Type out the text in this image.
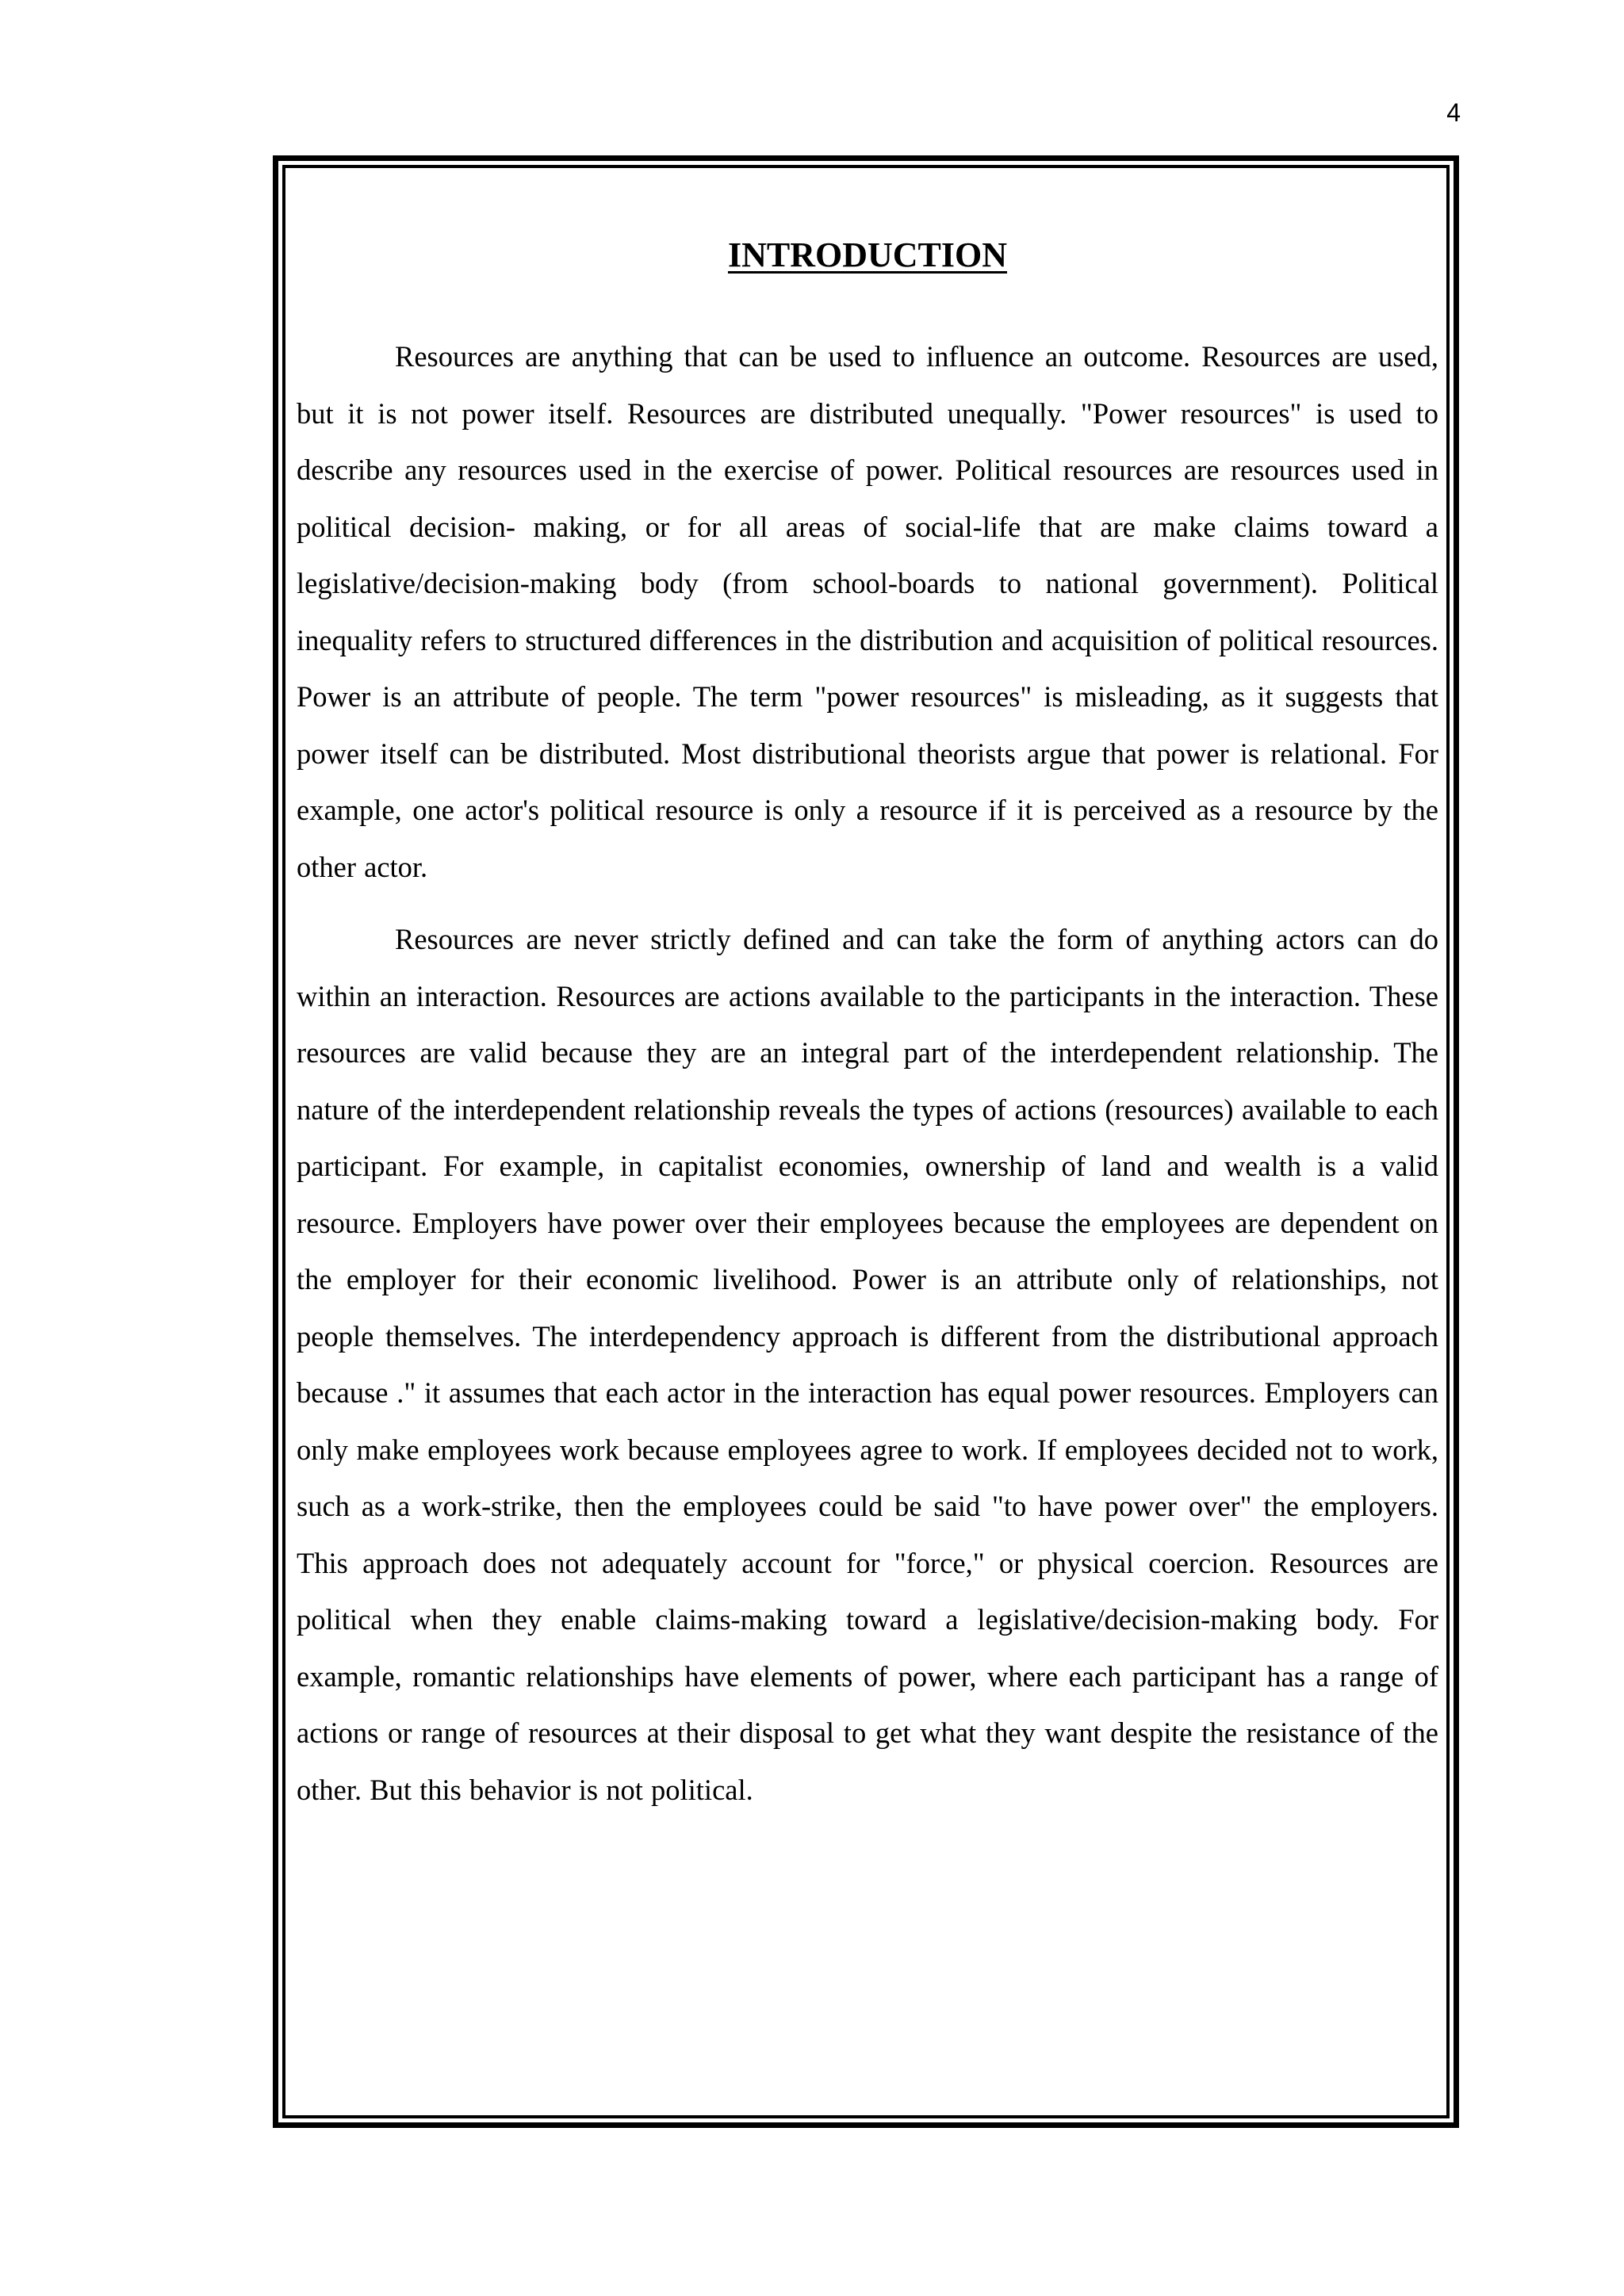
4
INTRODUCTION

Resources are anything that can be used to influence an outcome. Resources are used, but it is not power itself. Resources are distributed unequally. "Power resources" is used to describe any resources used in the exercise of power. Political resources are resources used in political decision- making, or for all areas of social-life that are make claims toward a legislative/decision-making body (from school-boards to national government). Political inequality refers to structured differences in the distribution and acquisition of political resources. Power is an attribute of people. The term "power resources" is misleading, as it suggests that power itself can be distributed. Most distributional theorists argue that power is relational. For example, one actor's political resource is only a resource if it is perceived as a resource by the other actor.

Resources are never strictly defined and can take the form of anything actors can do within an interaction. Resources are actions available to the participants in the interaction. These resources are valid because they are an integral part of the interdependent relationship. The nature of the interdependent relationship reveals the types of actions (resources) available to each participant. For example, in capitalist economies, ownership of land and wealth is a valid resource. Employers have power over their employees because the employees are dependent on the employer for their economic livelihood. Power is an attribute only of relationships, not people themselves. The interdependency approach is different from the distributional approach because ." it assumes that each actor in the interaction has equal power resources. Employers can only make employees work because employees agree to work. If employees decided not to work, such as a work-strike, then the employees could be said "to have power over" the employers. This approach does not adequately account for "force," or physical coercion. Resources are political when they enable claims-making toward a legislative/decision-making body. For example, romantic relationships have elements of power, where each participant has a range of actions or range of resources at their disposal to get what they want despite the resistance of the other. But this behavior is not political.
